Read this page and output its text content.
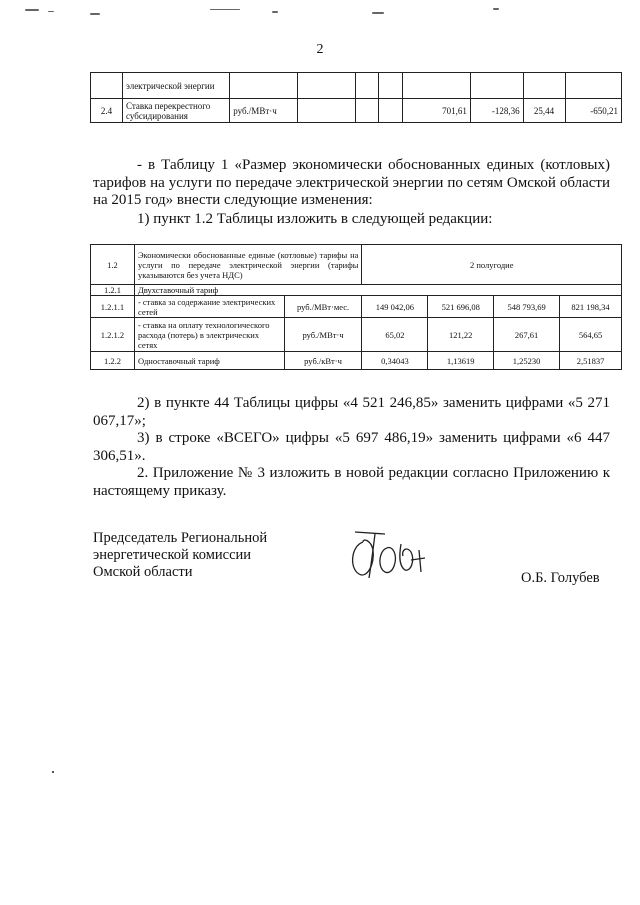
2
	электрической энергии								
2.4	Ставка перекрестного субсидирования	руб./МВт·ч				701,61	-128,36	25,44	-650,21
- в Таблицу 1 «Размер экономически обоснованных единых (котловых) тарифов на услуги по передаче электрической энергии по сетям Омской области на 2015 год» внести следующие изменения:
1) пункт 1.2 Таблицы изложить в следующей редакции:
1.2	Экономически обоснованные единые (котловые) тарифы на услуги по передаче электрической энергии (тарифы указываются без учета НДС)		2 полугодие			
1.2.1	Двухставочный тариф					
1.2.1.1	- ставка за содержание электрических сетей	руб./МВт·мес.	149 042,06	521 696,08	548 793,69	821 198,34
1.2.1.2	- ставка на оплату технологического расхода (потерь) в электрических сетях	руб./МВт·ч	65,02	121,22	267,61	564,65
1.2.2	Одноставочный тариф	руб./кВт·ч	0,34043	1,13619	1,25230	2,51837
2) в пункте 44 Таблицы цифры «4 521 246,85» заменить цифрами «5 271 067,17»;
3) в строке «ВСЕГО» цифры «5 697 486,19» заменить цифрами «6 447 306,51».
2. Приложение № 3 изложить в новой редакции согласно Приложению к настоящему приказу.
Председатель Региональной
энергетической комиссии
Омской области	О.Б. Голубев
